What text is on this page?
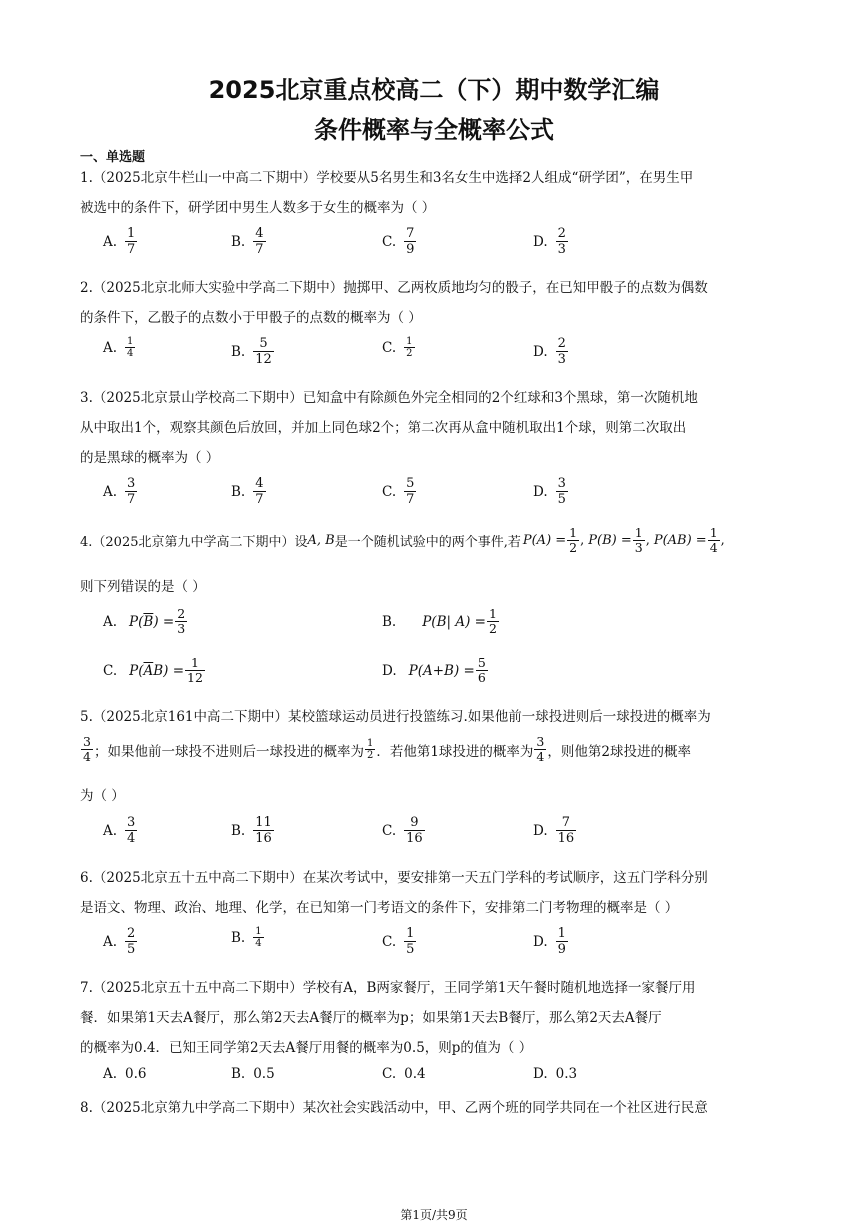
2025北京重点校高二（下）期中数学汇编
条件概率与全概率公式
一、单选题
1.（2025北京牛栏山一中高二下期中）学校要从5名男生和3名女生中选择2人组成“研学团”，在男生甲
被选中的条件下，研学团中男生人数多于女生的概率为（ ）
A. $\frac{1}{7}$	B. $\frac{4}{7}$	C. $\frac{7}{9}$	D. $\frac{2}{3}$
2.（2025北京北师大实验中学高二下期中）抛掷甲、乙两枚质地均匀的骰子，在已知甲骰子的点数为偶数
的条件下，乙骰子的点数小于甲骰子的点数的概率为（ ）
A. $\frac{1}{4}$	B. $\frac{5}{12}$	C. $\frac{1}{2}$	D. $\frac{2}{3}$
3.（2025北京景山学校高二下期中）已知盒中有除颜色外完全相同的2个红球和3个黑球，第一次随机地
从中取出1个，观察其颜色后放回，并加上同色球2个；第二次再从盒中随机取出1个球，则第二次取出
的是黑球的概率为（ ）
A. $\frac{3}{7}$	B. $\frac{4}{7}$	C. $\frac{5}{7}$	D. $\frac{3}{5}$
4.（2025北京第九中学高二下期中）设 A, B 是一个随机试验中的两个事件,若 $P(A) = \frac{1}{2}$ , $P(B) = \frac{1}{3}$ , $P(AB) = \frac{1}{4}$ ,
则下列错误的是（ ）
A. $P(\overline{B}) = \frac{2}{3}$	B. P(B| $A) = \frac{1}{2}$
C. $P(\overline{A}B) = \frac{1}{12}$	D. $P(A+B) = \frac{5}{6}$
5.（2025北京161中高二下期中）某校篮球运动员进行投篮练习.如果他前一球投进则后一球投进的概率为
3
4 ；如果他前一球投不进则后一球投进的概率为 1
2 ．若他第1球投进的概率为
3
4 ，则他第2球投进的概率
为（ ）
A. $\frac{3}{4}$	B. $\frac{11}{16}$	C. $\frac{9}{16}$	D. $\frac{7}{16}$
6.（2025北京五十五中高二下期中）在某次考试中，要安排第一天五门学科的考试顺序，这五门学科分别
是语文、物理、政治、地理、化学，在已知第一门考语文的条件下，安排第二门考物理的概率是（ ）
A. $\frac{2}{5}$	B. $\frac{1}{4}$	C. $\frac{1}{5}$	D. $\frac{1}{9}$
7.（2025北京五十五中高二下期中）学校有A，B两家餐厅，王同学第1天午餐时随机地选择一家餐厅用
餐．如果第1天去A餐厅，那么第2天去A餐厅的概率为p；如果第1天去B餐厅，那么第2天去A餐厅
的概率为0.4．已知王同学第2天去A餐厅用餐的概率为0.5，则p的值为（ ）
A. 0.6	B. 0.5	C. 0.4	D. 0.3
8.（2025北京第九中学高二下期中）某次社会实践活动中，甲、乙两个班的同学共同在一个社区进行民意
第1页/共9页
